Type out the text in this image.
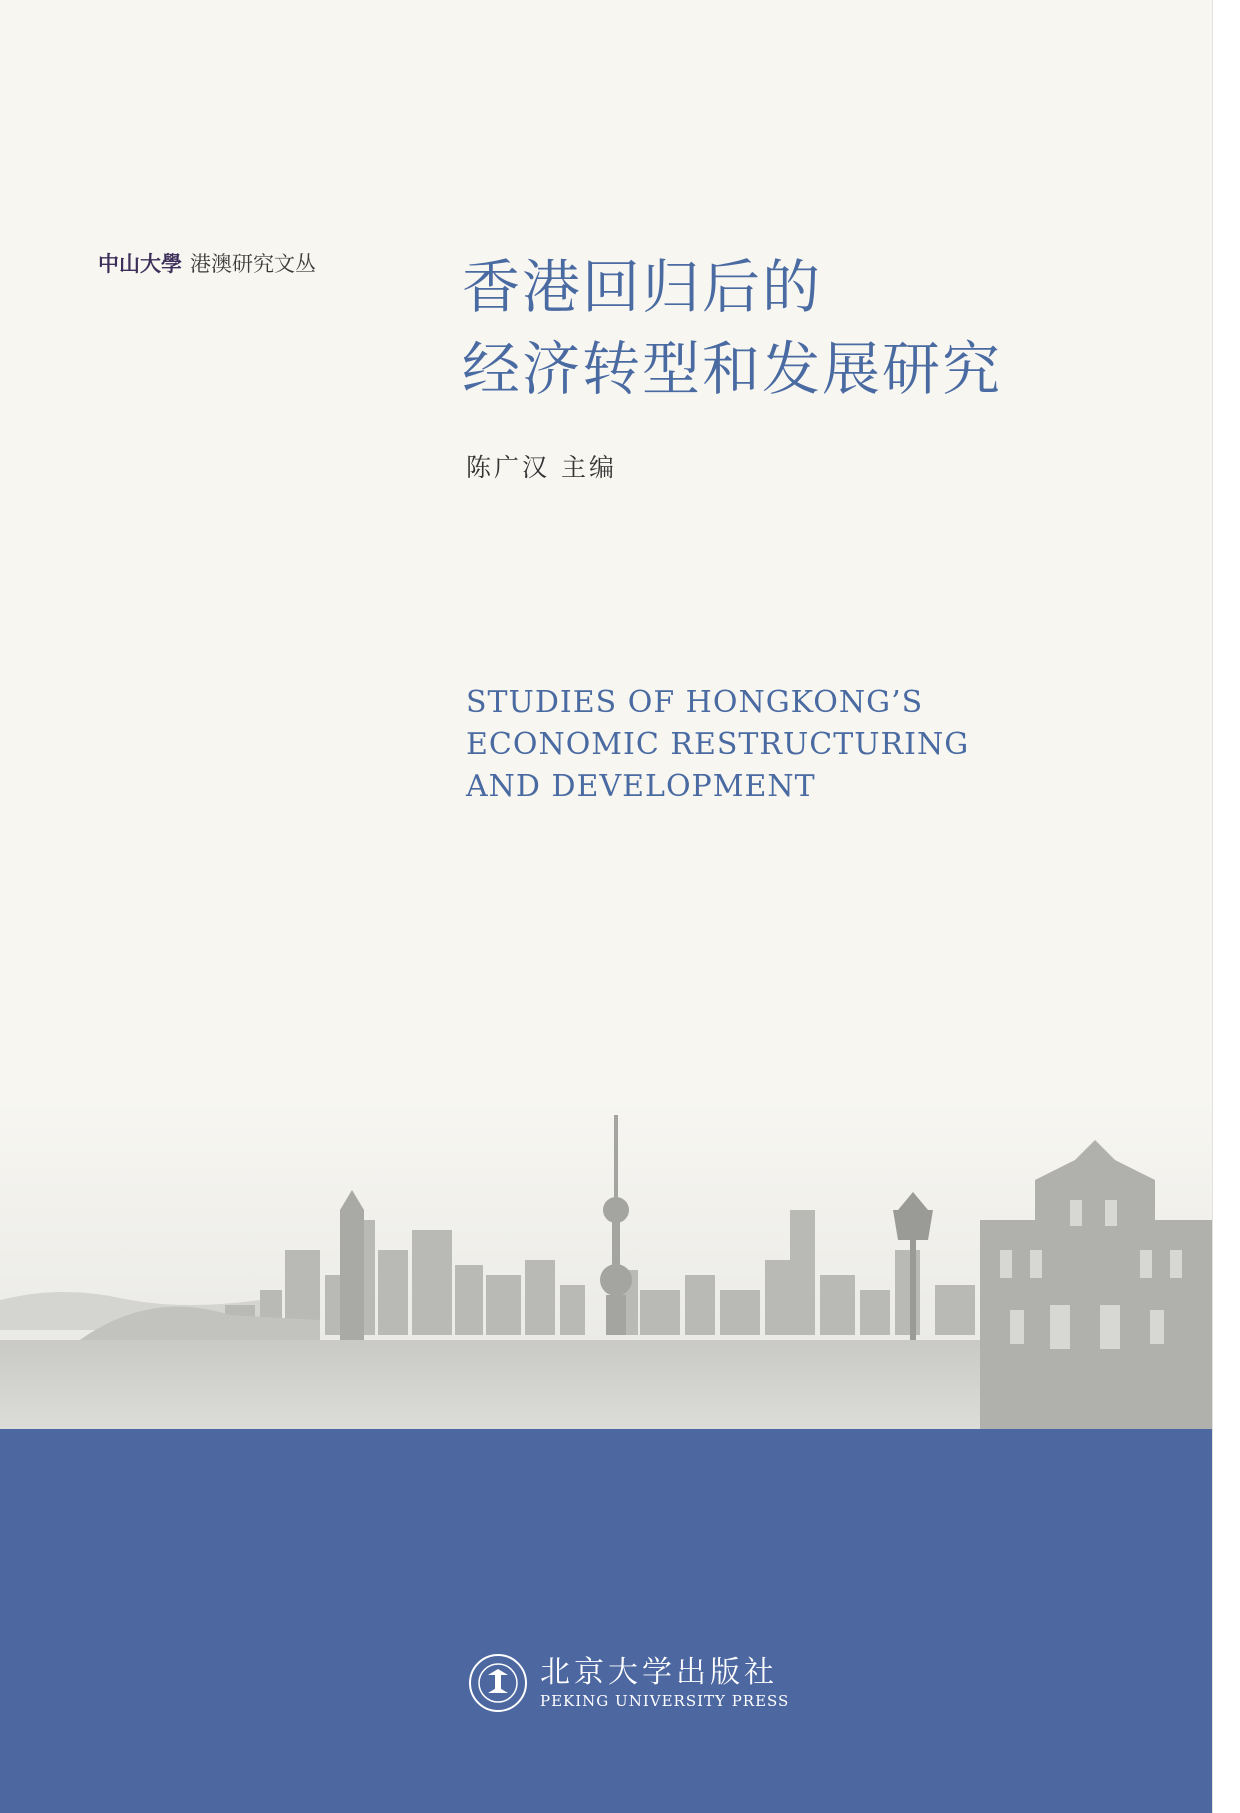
中山大學 港澳研究文丛	香港回归后的
经济转型和发展研究
陈广汉 主编
STUDIES OF HONGKONG’S
ECONOMIC RESTRUCTURING
AND DEVELOPMENT
北京大学出版社
PEKING UNIVERSITY PRESS
